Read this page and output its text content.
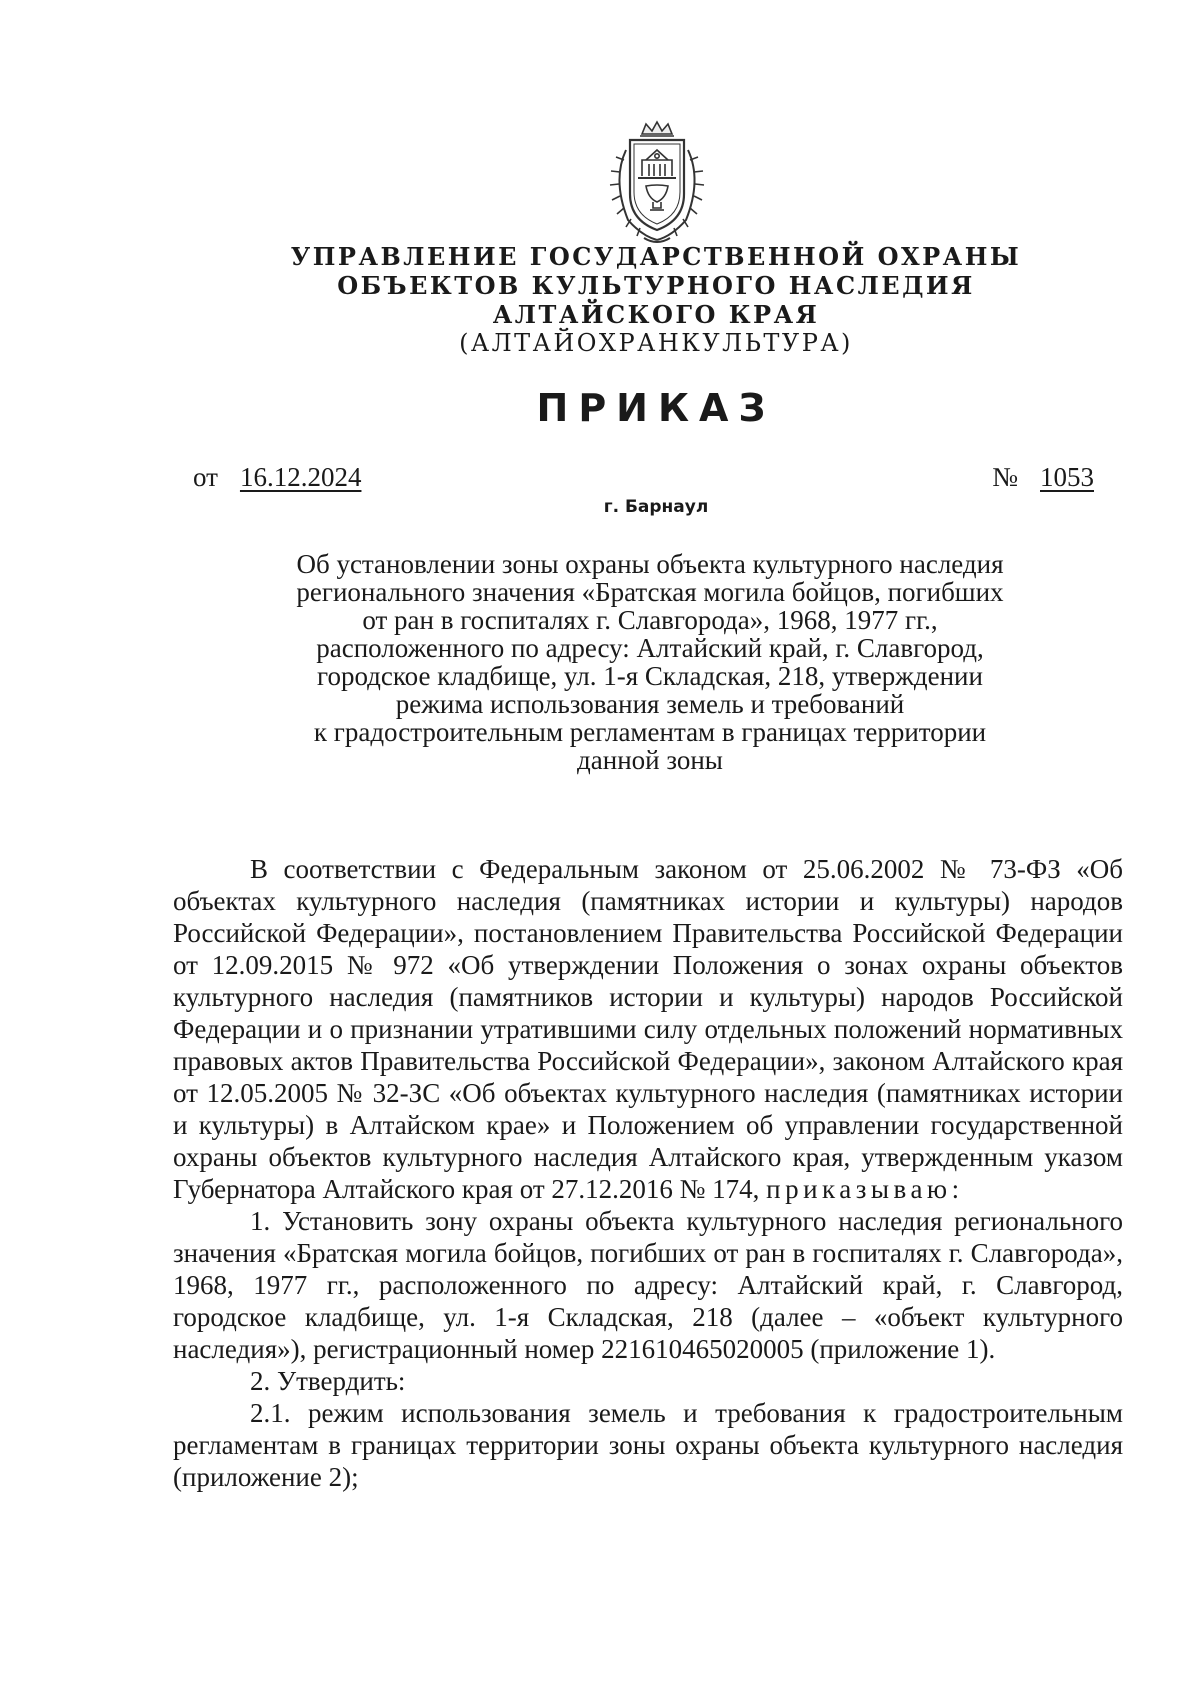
УПРАВЛЕНИЕ ГОСУДАРСТВЕННОЙ ОХРАНЫ
ОБЪЕКТОВ КУЛЬТУРНОГО НАСЛЕДИЯ
АЛТАЙСКОГО КРАЯ
(АЛТАЙОХРАНКУЛЬТУРА)
ПРИКАЗ
от 16.12.2024	№ 1053
г. Барнаул
Об установлении зоны охраны объекта культурного наследия
регионального значения «Братская могила бойцов, погибших
от ран в госпиталях г. Славгорода», 1968, 1977 гг.,
расположенного по адресу: Алтайский край, г. Славгород,
городское кладбище, ул. 1-я Складская, 218, утверждении
режима использования земель и требований
к градостроительным регламентам в границах территории
данной зоны

В соответствии с Федеральным законом от 25.06.2002 № 73-ФЗ «Об объектах культурного наследия (памятниках истории и культуры) народов Российской Федерации», постановлением Правительства Российской Федерации от 12.09.2015 № 972 «Об утверждении Положения о зонах охраны объектов культурного наследия (памятников истории и культуры) народов Российской Федерации и о признании утратившими силу отдельных положений нормативных правовых актов Правительства Российской Федерации», законом Алтайского края от 12.05.2005 № 32-ЗС «Об объектах культурного наследия (памятниках истории и культуры) в Алтайском крае» и Положением об управлении государственной охраны объектов культурного наследия Алтайского края, утвержденным указом Губернатора Алтайского края от 27.12.2016 № 174, приказываю:

1. Установить зону охраны объекта культурного наследия регионального значения «Братская могила бойцов, погибших от ран в госпиталях г. Славгорода», 1968, 1977 гг., расположенного по адресу: Алтайский край, г. Славгород, городское кладбище, ул. 1-я Складская, 218 (далее – «объект культурного наследия»), регистрационный номер 221610465020005 (приложение 1).

2. Утвердить:

2.1. режим использования земель и требования к градостроительным регламентам в границах территории зоны охраны объекта культурного наследия (приложение 2);
